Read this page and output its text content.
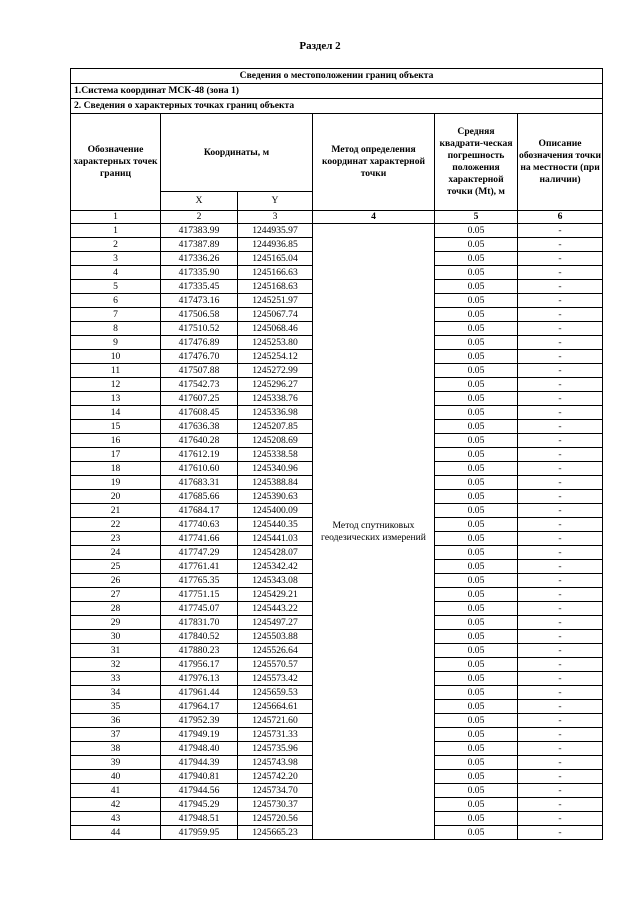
Раздел 2
Сведения о местоположении границ объекта					
1.Система координат МСК-48 (зона 1)					
2. Сведения о характерных точках границ объекта					
Обозначение характерных точек границ	Координаты, м		Метод определения координат характерной точки	Средняя квадрати-ческая погрешность положения характерной точки (Mt), м	Описание обозначения точки на местности (при наличии)
	X	Y			
1	2	3	4	5	6
1	417383.99	1244935.97	Метод спутниковых геодезических измерений	0.05	-
2	417387.89	1244936.85		0.05	-
3	417336.26	1245165.04		0.05	-
4	417335.90	1245166.63		0.05	-
5	417335.45	1245168.63		0.05	-
6	417473.16	1245251.97		0.05	-
7	417506.58	1245067.74		0.05	-
8	417510.52	1245068.46		0.05	-
9	417476.89	1245253.80		0.05	-
10	417476.70	1245254.12		0.05	-
11	417507.88	1245272.99		0.05	-
12	417542.73	1245296.27		0.05	-
13	417607.25	1245338.76		0.05	-
14	417608.45	1245336.98		0.05	-
15	417636.38	1245207.85		0.05	-
16	417640.28	1245208.69		0.05	-
17	417612.19	1245338.58		0.05	-
18	417610.60	1245340.96		0.05	-
19	417683.31	1245388.84		0.05	-
20	417685.66	1245390.63		0.05	-
21	417684.17	1245400.09		0.05	-
22	417740.63	1245440.35		0.05	-
23	417741.66	1245441.03		0.05	-
24	417747.29	1245428.07		0.05	-
25	417761.41	1245342.42		0.05	-
26	417765.35	1245343.08		0.05	-
27	417751.15	1245429.21		0.05	-
28	417745.07	1245443.22		0.05	-
29	417831.70	1245497.27		0.05	-
30	417840.52	1245503.88		0.05	-
31	417880.23	1245526.64		0.05	-
32	417956.17	1245570.57		0.05	-
33	417976.13	1245573.42		0.05	-
34	417961.44	1245659.53		0.05	-
35	417964.17	1245664.61		0.05	-
36	417952.39	1245721.60		0.05	-
37	417949.19	1245731.33		0.05	-
38	417948.40	1245735.96		0.05	-
39	417944.39	1245743.98		0.05	-
40	417940.81	1245742.20		0.05	-
41	417944.56	1245734.70		0.05	-
42	417945.29	1245730.37		0.05	-
43	417948.51	1245720.56		0.05	-
44	417959.95	1245665.23		0.05	-
